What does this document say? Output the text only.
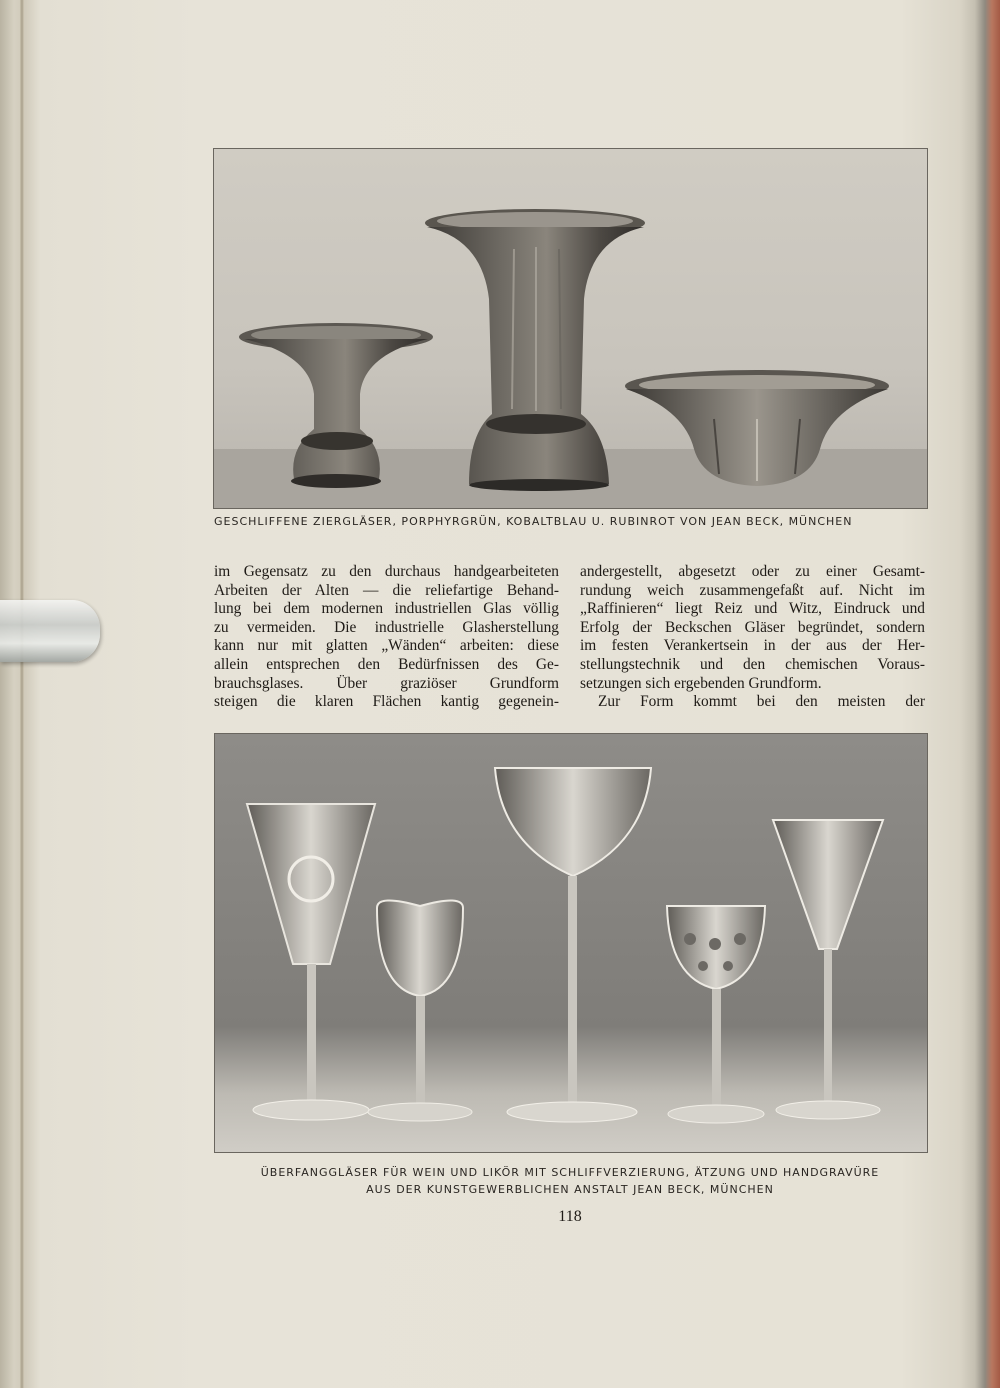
GESCHLIFFENE ZIERGLÄSER, PORPHYRGRÜN, KOBALTBLAU U. RUBINROT VON JEAN BECK, MÜNCHEN
im Gegensatz zu den durchaus handgearbeiteten
Arbeiten der Alten — die reliefartige Behand-
lung bei dem modernen industriellen Glas völlig
zu vermeiden. Die industrielle Glasherstellung
kann nur mit glatten „Wänden“ arbeiten: diese
allein entsprechen den Bedürfnissen des Ge-
brauchsglases. Über graziöser Grundform
steigen die klaren Flächen kantig gegenein-
andergestellt, abgesetzt oder zu einer Gesamt-
rundung weich zusammengefaßt auf. Nicht im
„Raffinieren“ liegt Reiz und Witz, Eindruck und
Erfolg der Beckschen Gläser begründet, sondern
im festen Verankertsein in der aus der Her-
stellungstechnik und den chemischen Voraus-
setzungen sich ergebenden Grundform.
Zur Form kommt bei den meisten der
ÜBERFANGGLÄSER FÜR WEIN UND LIKÖR MIT SCHLIFFVERZIERUNG, ÄTZUNG UND HANDGRAVÜRE
AUS DER KUNSTGEWERBLICHEN ANSTALT JEAN BECK, MÜNCHEN
118
